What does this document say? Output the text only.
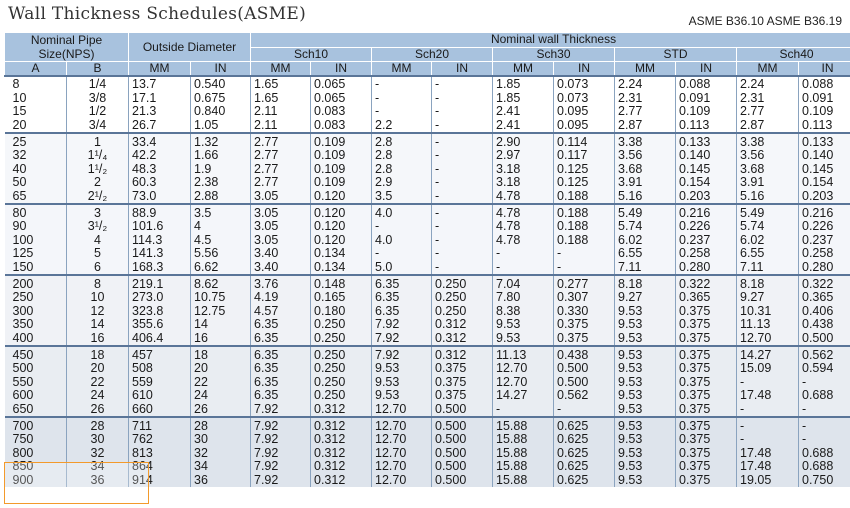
Wall Thickness Schedules(ASME)	ASME B36.10 ASME B36.19
Nominal Pipe Size(NPS)		Outside Diameter		Nominal wall Thickness									
				Sch10		Sch20		Sch30		STD		Sch40	
A	B	MM	IN	MM	IN	MM	IN	MM	IN	MM	IN	MM	IN
8	1/4	13.7	0.540	1.65	0.065	-	-	1.85	0.073	2.24	0.088	2.24	0.088
10	3/8	17.1	0.675	1.65	0.065	-	-	1.85	0.073	2.31	0.091	2.31	0.091
15	1/2	21.3	0.840	2.11	0.083	-	-	2.41	0.095	2.77	0.109	2.77	0.109
20	3/4	26.7	1.05	2.11	0.083	2.2	-	2.41	0.095	2.87	0.113	2.87	0.113
25	1	33.4	1.32	2.77	0.109	2.8	-	2.90	0.114	3.38	0.133	3.38	0.133
32	1¹/₄	42.2	1.66	2.77	0.109	2.8	-	2.97	0.117	3.56	0.140	3.56	0.140
40	1¹/₂	48.3	1.9	2.77	0.109	2.8	-	3.18	0.125	3.68	0.145	3.68	0.145
50	2	60.3	2.38	2.77	0.109	2.9	-	3.18	0.125	3.91	0.154	3.91	0.154
65	2¹/₂	73.0	2.88	3.05	0.120	3.5	-	4.78	0.188	5.16	0.203	5.16	0.203
80	3	88.9	3.5	3.05	0.120	4.0	-	4.78	0.188	5.49	0.216	5.49	0.216
90	3¹/₂	101.6	4	3.05	0.120	-	-	4.78	0.188	5.74	0.226	5.74	0.226
100	4	114.3	4.5	3.05	0.120	4.0	-	4.78	0.188	6.02	0.237	6.02	0.237
125	5	141.3	5.56	3.40	0.134	-	-	-	-	6.55	0.258	6.55	0.258
150	6	168.3	6.62	3.40	0.134	5.0	-	-	-	7.11	0.280	7.11	0.280
200	8	219.1	8.62	3.76	0.148	6.35	0.250	7.04	0.277	8.18	0.322	8.18	0.322
250	10	273.0	10.75	4.19	0.165	6.35	0.250	7.80	0.307	9.27	0.365	9.27	0.365
300	12	323.8	12.75	4.57	0.180	6.35	0.250	8.38	0.330	9.53	0.375	10.31	0.406
350	14	355.6	14	6.35	0.250	7.92	0.312	9.53	0.375	9.53	0.375	11.13	0.438
400	16	406.4	16	6.35	0.250	7.92	0.312	9.53	0.375	9.53	0.375	12.70	0.500
450	18	457	18	6.35	0.250	7.92	0.312	11.13	0.438	9.53	0.375	14.27	0.562
500	20	508	20	6.35	0.250	9.53	0.375	12.70	0.500	9.53	0.375	15.09	0.594
550	22	559	22	6.35	0.250	9.53	0.375	12.70	0.500	9.53	0.375	-	-
600	24	610	24	6.35	0.250	9.53	0.375	14.27	0.562	9.53	0.375	17.48	0.688
650	26	660	26	7.92	0.312	12.70	0.500	-	-	9.53	0.375	-	-
700	28	711	28	7.92	0.312	12.70	0.500	15.88	0.625	9.53	0.375	-	-
750	30	762	30	7.92	0.312	12.70	0.500	15.88	0.625	9.53	0.375	-	-
800	32	813	32	7.92	0.312	12.70	0.500	15.88	0.625	9.53	0.375	17.48	0.688
850	34	864	34	7.92	0.312	12.70	0.500	15.88	0.625	9.53	0.375	17.48	0.688
900	36	914	36	7.92	0.312	12.70	0.500	15.88	0.625	9.53	0.375	19.05	0.750
